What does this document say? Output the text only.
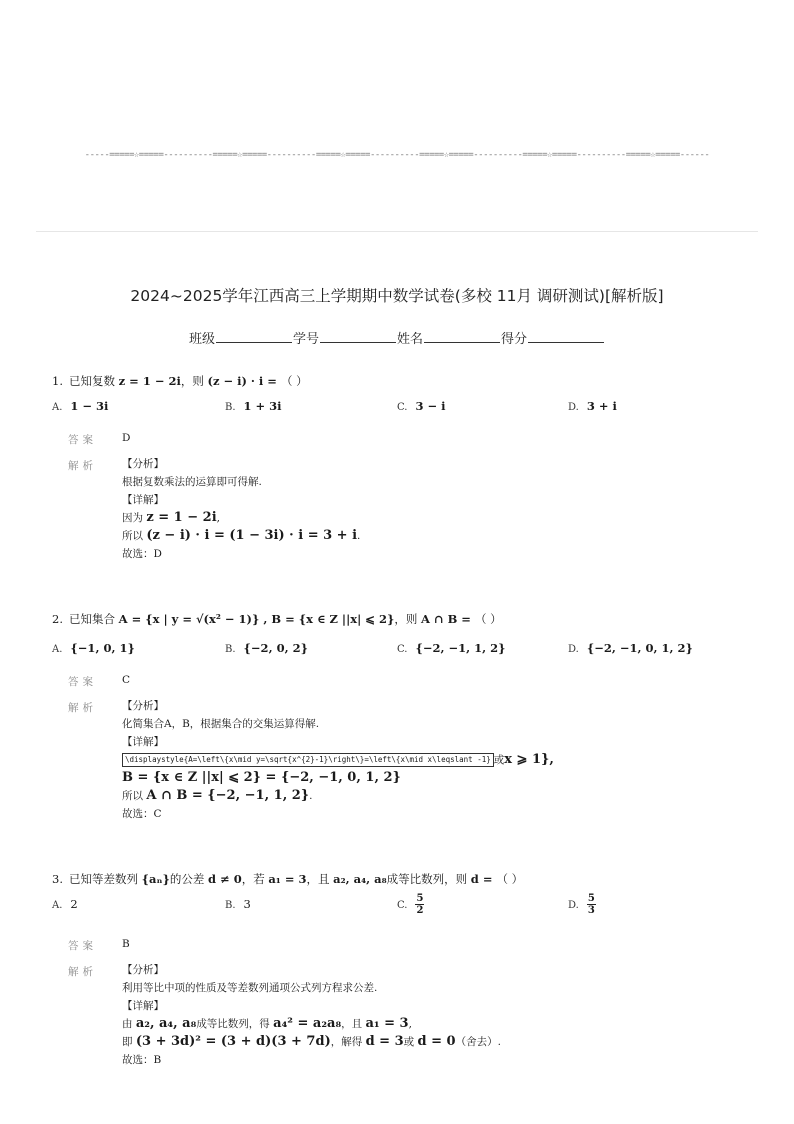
-----=====☆=====----------=====☆=====----------=====☆=====----------=====☆=====----------=====☆=====----------=====☆=====------
2024~2025学年江西高三上学期期中数学试卷(多校 11月 调研测试)[解析版]
班级	学号	姓名	得分
1. 已知复数 z = 1 − 2i，则 (z − i) · i = （ ）
A. 1 − 3i	B. 1 + 3i	C. 3 − i	D. 3 + i
答案 D
解析 【分析】
根据复数乘法的运算即可得解.
【详解】
因为 z = 1 − 2i,
所以 (z − i) · i = (1 − 3i) · i = 3 + i.
故选：D
2. 已知集合 A = {x | y = √(x² − 1)} , B = {x ∈ Z ||x| ⩽ 2}，则 A ∩ B = （ ）
A. {−1, 0, 1}	B. {−2, 0, 2}	C. {−2, −1, 1, 2}	D. {−2, −1, 0, 1, 2}
答案 C
解析 【分析】
化简集合A，B，根据集合的交集运算得解.
【详解】
\displaystyle{A=\left\{x\mid y=\sqrt{x^{2}-1}\right\}=\left\{x\mid x\leqslant -1} 或x ⩾ 1},
B = {x ∈ Z ||x| ⩽ 2} = {−2, −1, 0, 1, 2}
所以 A ∩ B = {−2, −1, 1, 2}.
故选：C
3. 已知等差数列 {aₙ}的公差 d ≠ 0，若 a₁ = 3，且 a₂, a₄, a₈成等比数列，则 d = （ ）
A. 2	B. 3	C. $\frac{5}{2}$	D. $\frac{5}{3}$
答案 B
解析 【分析】
利用等比中项的性质及等差数列通项公式列方程求公差.
【详解】
由 a₂, a₄, a₈成等比数列，得 a₄² = a₂a₈，且 a₁ = 3,
即 (3 + 3d)² = (3 + d)(3 + 7d)，解得 d = 3或 d = 0（舍去）.
故选：B
